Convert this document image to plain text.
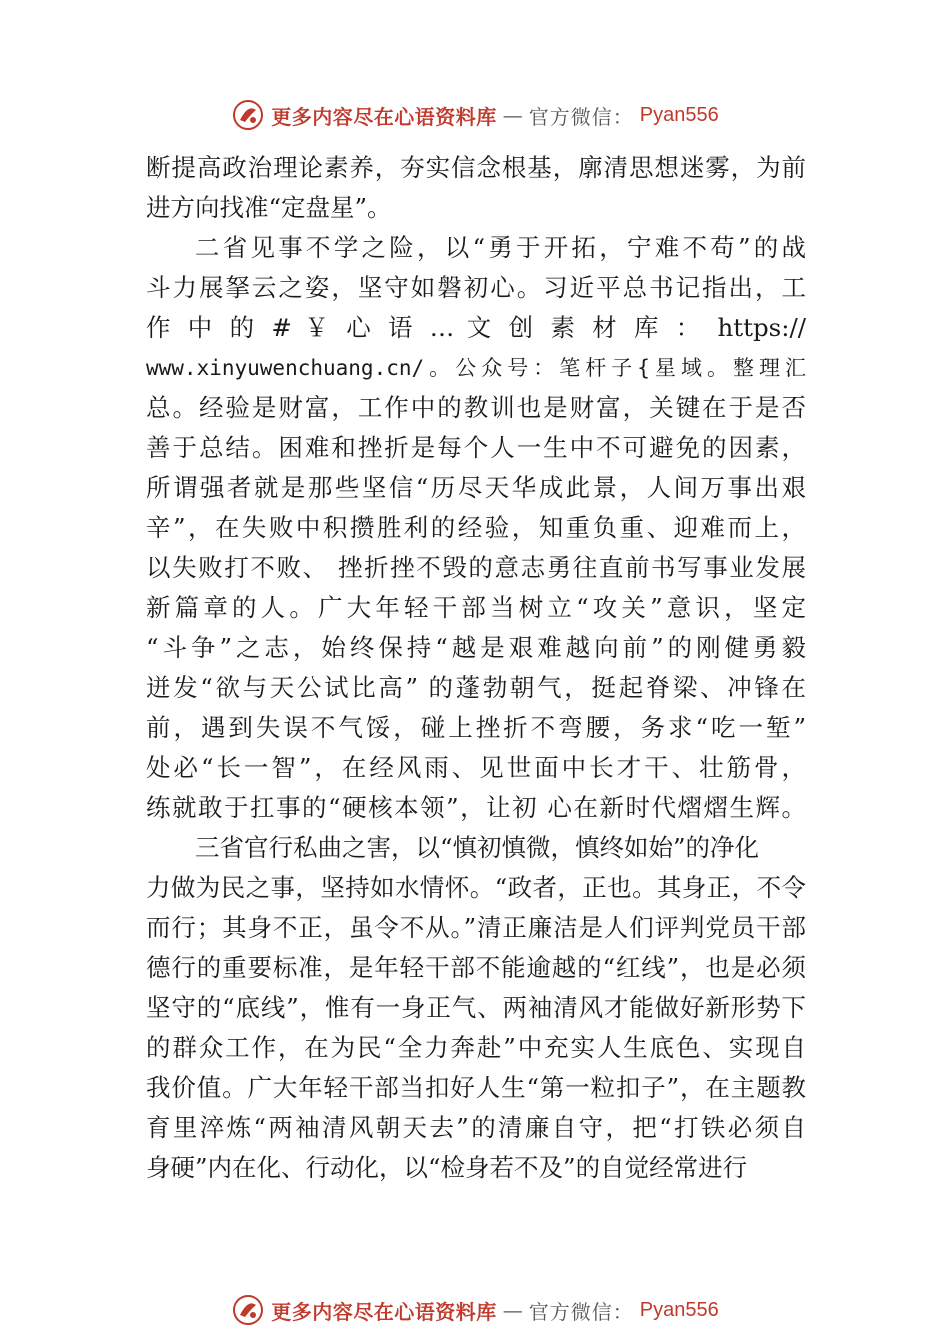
更多内容尽在心语资料库 — 官方微信： Pyan556
断提高政治理论素养，夯实信念根基，廓清思想迷雾，为前
进方向找准“定盘星”。
二省见事不学之险，以“勇于开拓，宁难不苟”的战
斗力展拏云之姿，坚守如磐初心。习近平总书记指出，工
作 中 的 # ￥ 心 语 … 文 创 素 材 库 ： https://
www.xinyuwenchuang.cn/。公众号：笔杆子{星域。整理汇
总。经验是财富，工作中的教训也是财富，关键在于是否
善于总结。困难和挫折是每个人一生中不可避免的因素，
所谓强者就是那些坚信“历尽天华成此景，人间万事出艰
辛”，在失败中积攒胜利的经验，知重负重、迎难而上，
以失败打不败、 挫折挫不毁的意志勇往直前书写事业发展
新篇章的人。广大年轻干部当树立“攻关”意识，坚定
“斗争”之志，始终保持“越是艰难越向前”的刚健勇毅
迸发“欲与天公试比高” 的蓬勃朝气，挺起脊梁、冲锋在
前，遇到失误不气馁，碰上挫折不弯腰，务求“吃一堑”
处必“长一智”，在经风雨、见世面中长才干、壮筋骨，
练就敢于扛事的“硬核本领”，让初 心在新时代熠熠生辉。
三省官行私曲之害，以“慎初慎微，慎终如始”的净化
力做为民之事，坚持如水情怀。“政者，正也。其身正，不令
而行；其身不正，虽令不从。”清正廉洁是人们评判党员干部
德行的重要标准，是年轻干部不能逾越的“红线”，也是必须
坚守的“底线”，惟有一身正气、两袖清风才能做好新形势下
的群众工作，在为民“全力奔赴”中充实人生底色、实现自
我价值。广大年轻干部当扣好人生“第一粒扣子”，在主题教
育里淬炼“两袖清风朝天去”的清廉自守，把“打铁必须自
身硬”内在化、行动化，以“检身若不及”的自觉经常进行
更多内容尽在心语资料库 — 官方微信： Pyan556
